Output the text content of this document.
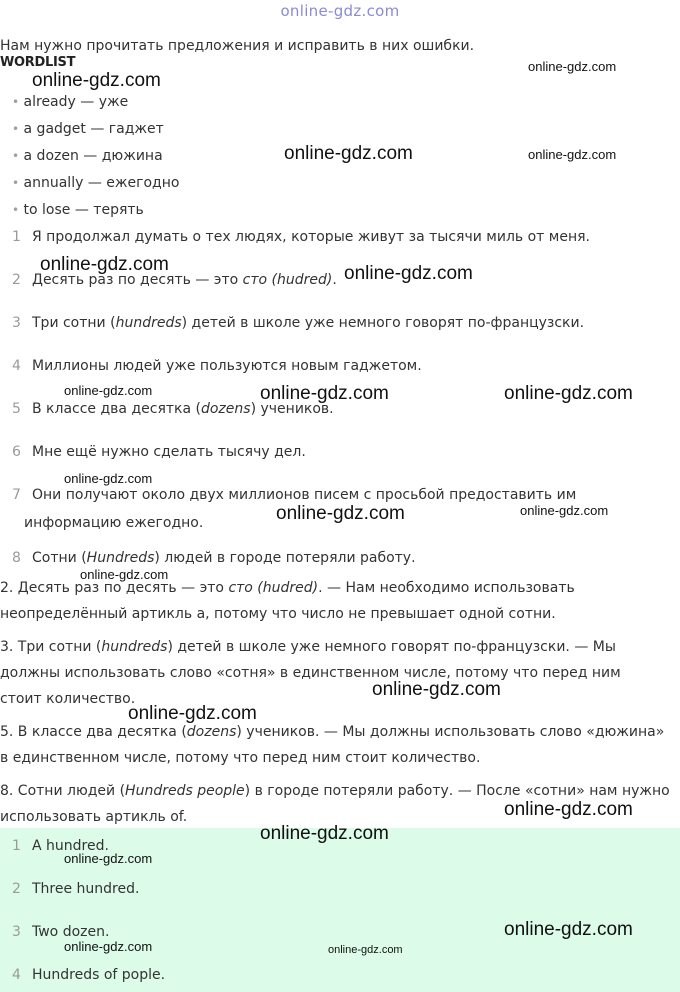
online-gdz.com
Нам нужно прочитать предложения и исправить в них ошибки.
WORDLIST
• already — уже
• a gadget — гаджет
• a dozen — дюжина
• annually — ежегодно
• to lose — терять
1 Я продолжал думать о тех людях, которые живут за тысячи миль от меня.
2 Десять раз по десять — это сто (hudred).
3 Три сотни (hundreds) детей в школе уже немного говорят по-французски.
4 Миллионы людей уже пользуются новым гаджетом.
5 В классе два десятка (dozens) учеников.
6 Мне ещё нужно сделать тысячу дел.
7 Они получают около двух миллионов писем с просьбой предоставить им
информацию ежегодно.
8 Сотни (Hundreds) людей в городе потеряли работу.
2. Десять раз по десять — это сто (hudred). — Нам необходимо использовать
неопределённый артикль а, потому что число не превышает одной сотни.
3. Три сотни (hundreds) детей в школе уже немного говорят по-французски. — Мы
должны использовать слово «сотня» в единственном числе, потому что перед ним
стоит количество.
5. В классе два десятка (dozens) учеников. — Мы должны использовать слово «дюжина»
в единственном числе, потому что перед ним стоит количество.
8. Сотни людей (Hundreds people) в городе потеряли работу. — После «сотни» нам нужно
использовать артикль of.
1 A hundred.
2 Three hundred.
3 Two dozen.
4 Hundreds of pople.
online-gdz.com
online-gdz.com
online-gdz.com	online-gdz.com
online-gdz.com	online-gdz.com
online-gdz.com	online-gdz.com	online-gdz.com
online-gdz.com
online-gdz.com	online-gdz.com
online-gdz.com
online-gdz.com
online-gdz.com
online-gdz.com
online-gdz.com
online-gdz.com
online-gdz.com
online-gdz.com	online-gdz.com
